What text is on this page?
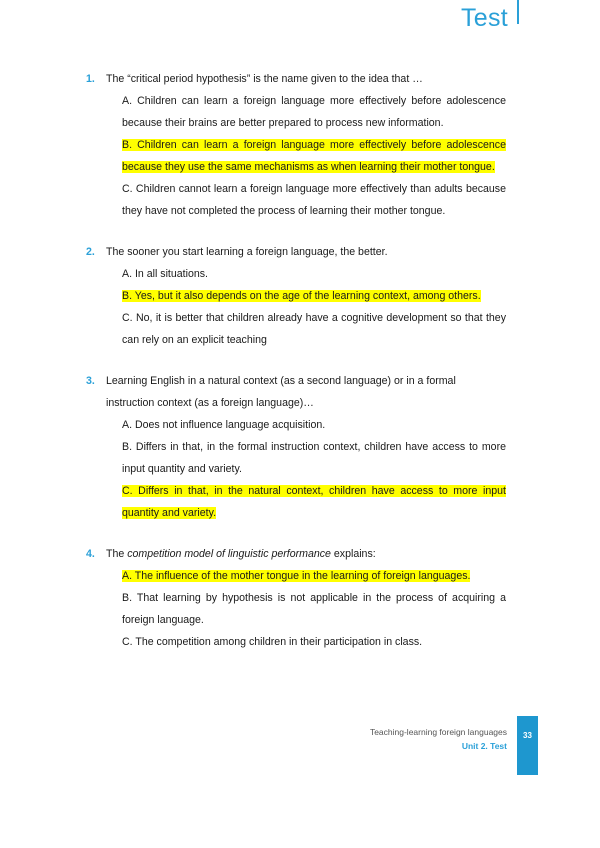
Test
1.	The “critical period hypothesis” is the name given to the idea that …
A. Children can learn a foreign language more effectively before adolescence because their brains are better prepared to process new information.
B. Children can learn a foreign language more effectively before adolescence because they use the same mechanisms as when learning their mother tongue.
C. Children cannot learn a foreign language more effectively than adults because they have not completed the process of learning their mother tongue.
2.	The sooner you start learning a foreign language, the better.
A. In all situations.
B. Yes, but it also depends on the age of the learning context, among others.
C. No, it is better that children already have a cognitive development so that they can rely on an explicit teaching
3.	Learning English in a natural context (as a second language) or in a formal instruction context (as a foreign language)…
A. Does not influence language acquisition.
B. Differs in that, in the formal instruction context, children have access to more input quantity and variety.
C. Differs in that, in the natural context, children have access to more input quantity and variety.
4.	The competition model of linguistic performance explains:
A. The influence of the mother tongue in the learning of foreign languages.
B. That learning by hypothesis is not applicable in the process of acquiring a foreign language.
C. The competition among children in their participation in class.
Teaching-learning foreign languages
Unit 2. Test
33
